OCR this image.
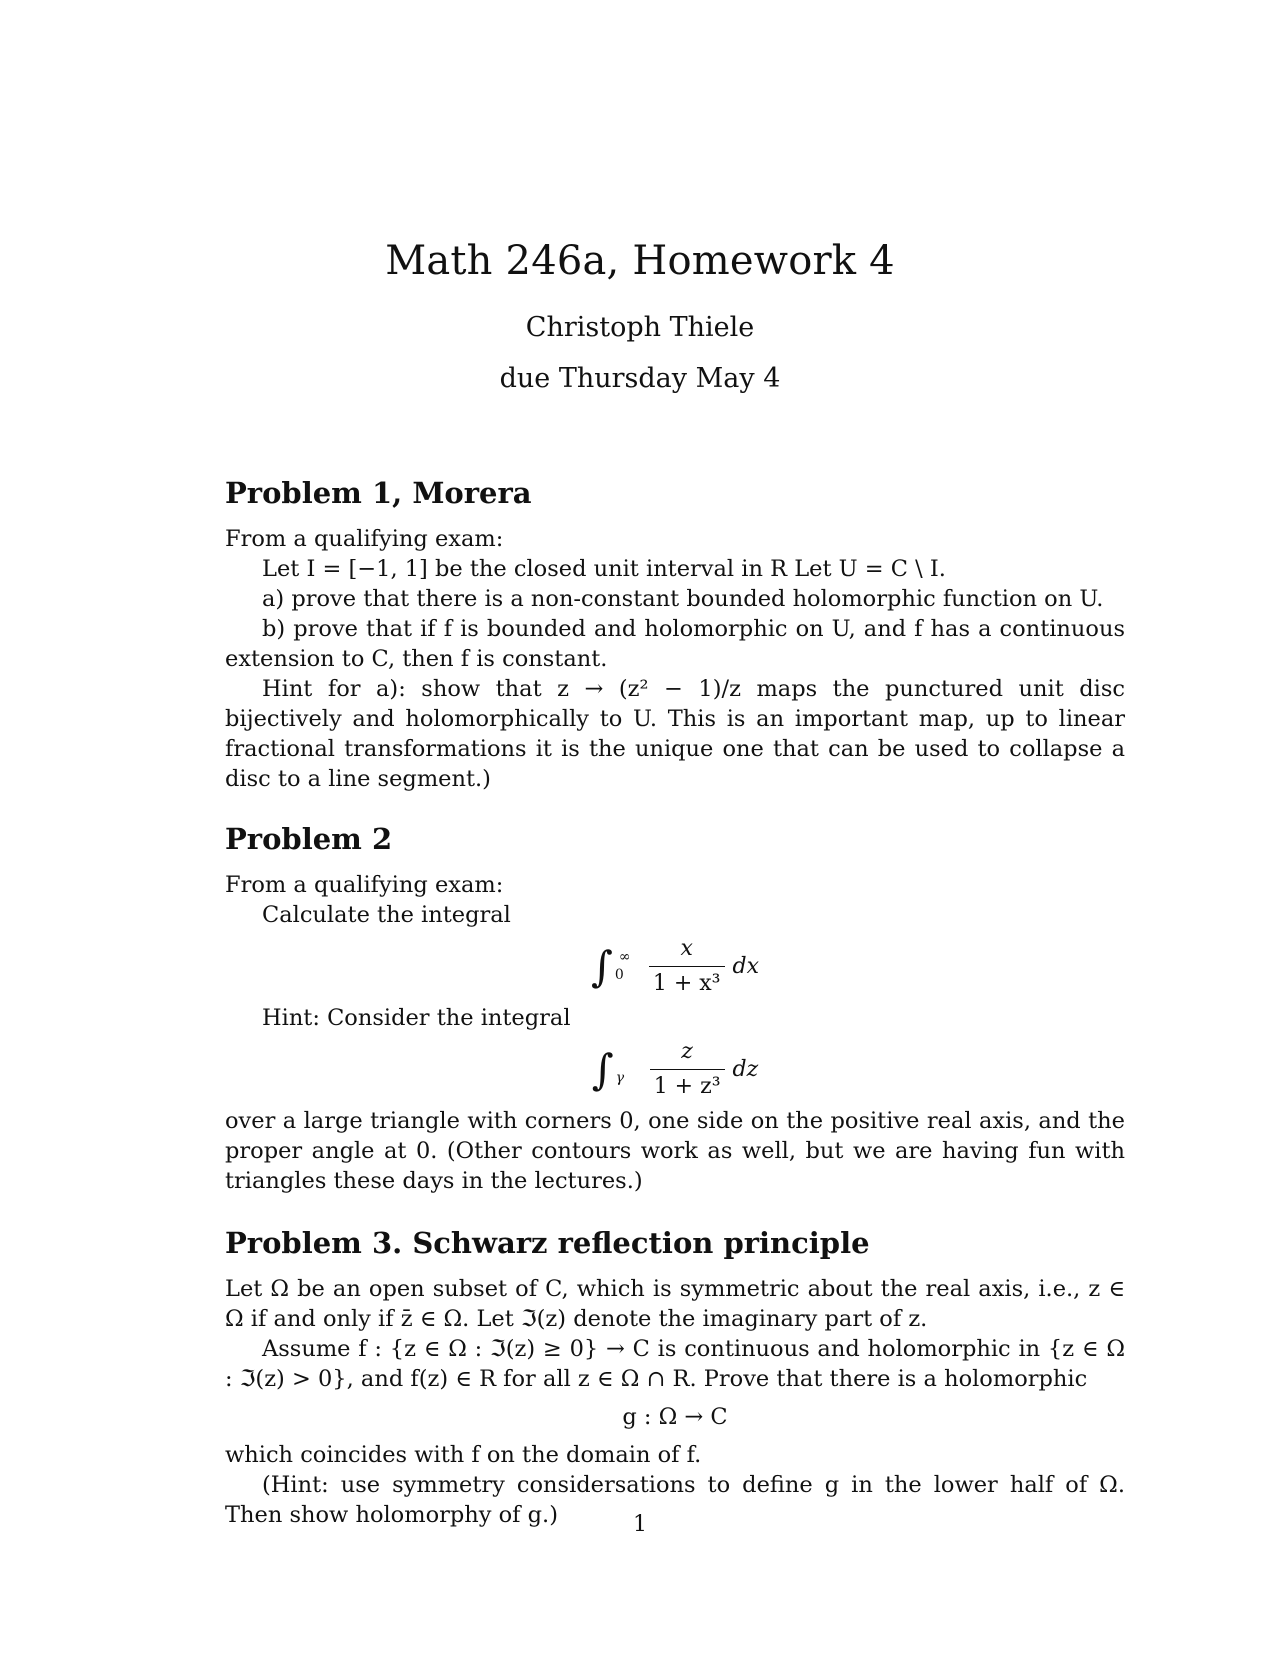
Math 246a, Homework 4
Christoph Thiele
due Thursday May 4
Problem 1, Morera

From a qualifying exam:

Let I = [−1, 1] be the closed unit interval in R Let U = C \ I.

a) prove that there is a non-constant bounded holomorphic function on U.

b) prove that if f is bounded and holomorphic on U, and f has a continuous extension to C, then f is constant.

Hint for a): show that z → (z² − 1)/z maps the punctured unit disc bijectively and holomorphically to U. This is an important map, up to linear fractional transformations it is the unique one that can be used to collapse a disc to a line segment.)

Problem 2

From a qualifying exam:

Calculate the integral

∫ ∞
$0 \frac{x}{\text{1 + x³}}$ dx

Hint: Consider the integral

∫ γ $\frac{z}{\text{1 + z³}}$ dz

over a large triangle with corners 0, one side on the positive real axis, and the proper angle at 0. (Other contours work as well, but we are having fun with triangles these days in the lectures.)

Problem 3. Schwarz reflection principle

Let Ω be an open subset of C, which is symmetric about the real axis, i.e., z ∈ Ω if and only if z̄ ∈ Ω. Let ℑ(z) denote the imaginary part of z.

Assume f : {z ∈ Ω : ℑ(z) ≥ 0} → C is continuous and holomorphic in {z ∈ Ω : ℑ(z) > 0}, and f(z) ∈ R for all z ∈ Ω ∩ R. Prove that there is a holomorphic

g : Ω → C

which coincides with f on the domain of f.

(Hint: use symmetry considersations to define g in the lower half of Ω. Then show holomorphy of g.)	1
